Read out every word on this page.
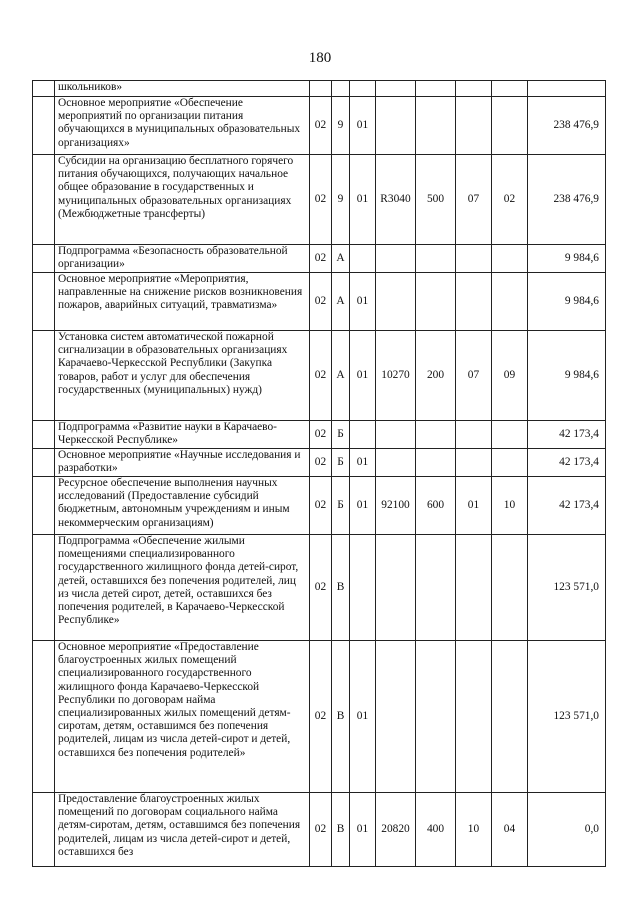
180
	школьников»								
	Основное мероприятие «Обеспечение мероприятий по организации питания обучающихся в муниципальных образовательных организациях»	02	9	01					238 476,9
	Субсидии на организацию бесплатного горячего питания обучающихся, получающих начальное общее образование в государственных и муниципальных образовательных организациях (Межбюджетные трансферты)	02	9	01	R3040	500	07	02	238 476,9
	Подпрограмма «Безопасность образовательной организации»	02	А						9 984,6
	Основное мероприятие «Мероприятия, направленные на снижение рисков возникновения пожаров, аварийных ситуаций, травматизма»	02	А	01					9 984,6
	Установка систем автоматической пожарной сигнализации в образовательных организациях Карачаево-Черкесской Республики (Закупка товаров, работ и услуг для обеспечения государственных (муниципальных) нужд)	02	А	01	10270	200	07	09	9 984,6
	Подпрограмма «Развитие науки в Карачаево-Черкесской Республике»	02	Б						42 173,4
	Основное мероприятие «Научные исследования и разработки»	02	Б	01					42 173,4
	Ресурсное обеспечение выполнения научных исследований (Предоставление субсидий бюджетным, автономным учреждениям и иным некоммерческим организациям)	02	Б	01	92100	600	01	10	42 173,4
	Подпрограмма «Обеспечение жилыми помещениями специализированного государственного жилищного фонда детей-сирот, детей, оставшихся без попечения родителей, лиц из числа детей сирот, детей, оставшихся без попечения родителей, в Карачаево-Черкесской Республике»	02	В						123 571,0
	Основное мероприятие «Предоставление благоустроенных жилых помещений специализированного государственного жилищного фонда Карачаево-Черкесской Республики по договорам найма специализированных жилых помещений детям-сиротам, детям, оставшимся без попечения родителей, лицам из числа детей-сирот и детей, оставшихся без попечения родителей»	02	В	01					123 571,0
	Предоставление благоустроенных жилых помещений по договорам социального найма детям-сиротам, детям, оставшимся без попечения родителей, лицам из числа детей-сирот и детей, оставшихся без	02	В	01	20820	400	10	04	0,0
